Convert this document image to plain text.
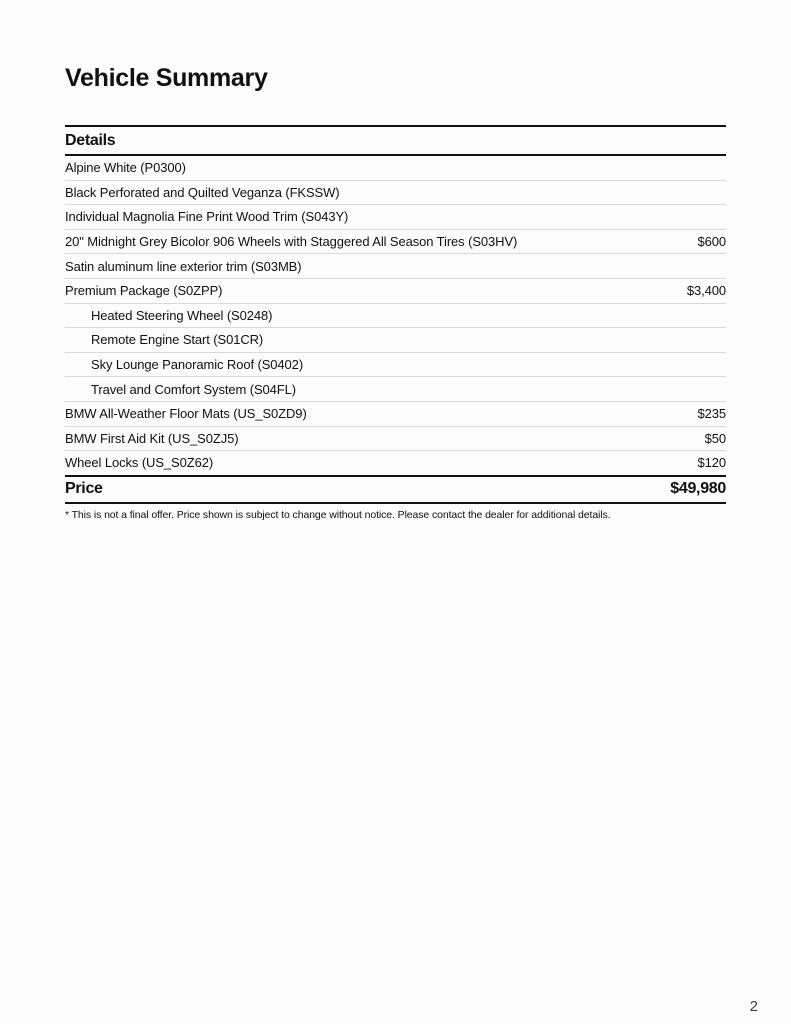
Vehicle Summary
Details
Alpine White (P0300)
Black Perforated and Quilted Veganza (FKSSW)
Individual Magnolia Fine Print Wood Trim (S043Y)
20" Midnight Grey Bicolor 906 Wheels with Staggered All Season Tires (S03HV)	$600
Satin aluminum line exterior trim (S03MB)
Premium Package (S0ZPP)	$3,400
Heated Steering Wheel (S0248)
Remote Engine Start (S01CR)
Sky Lounge Panoramic Roof (S0402)
Travel and Comfort System (S04FL)
BMW All-Weather Floor Mats (US_S0ZD9)	$235
BMW First Aid Kit (US_S0ZJ5)	$50
Wheel Locks (US_S0Z62)	$120
Price	$49,980
* This is not a final offer. Price shown is subject to change without notice. Please contact the dealer for additional details.
2
